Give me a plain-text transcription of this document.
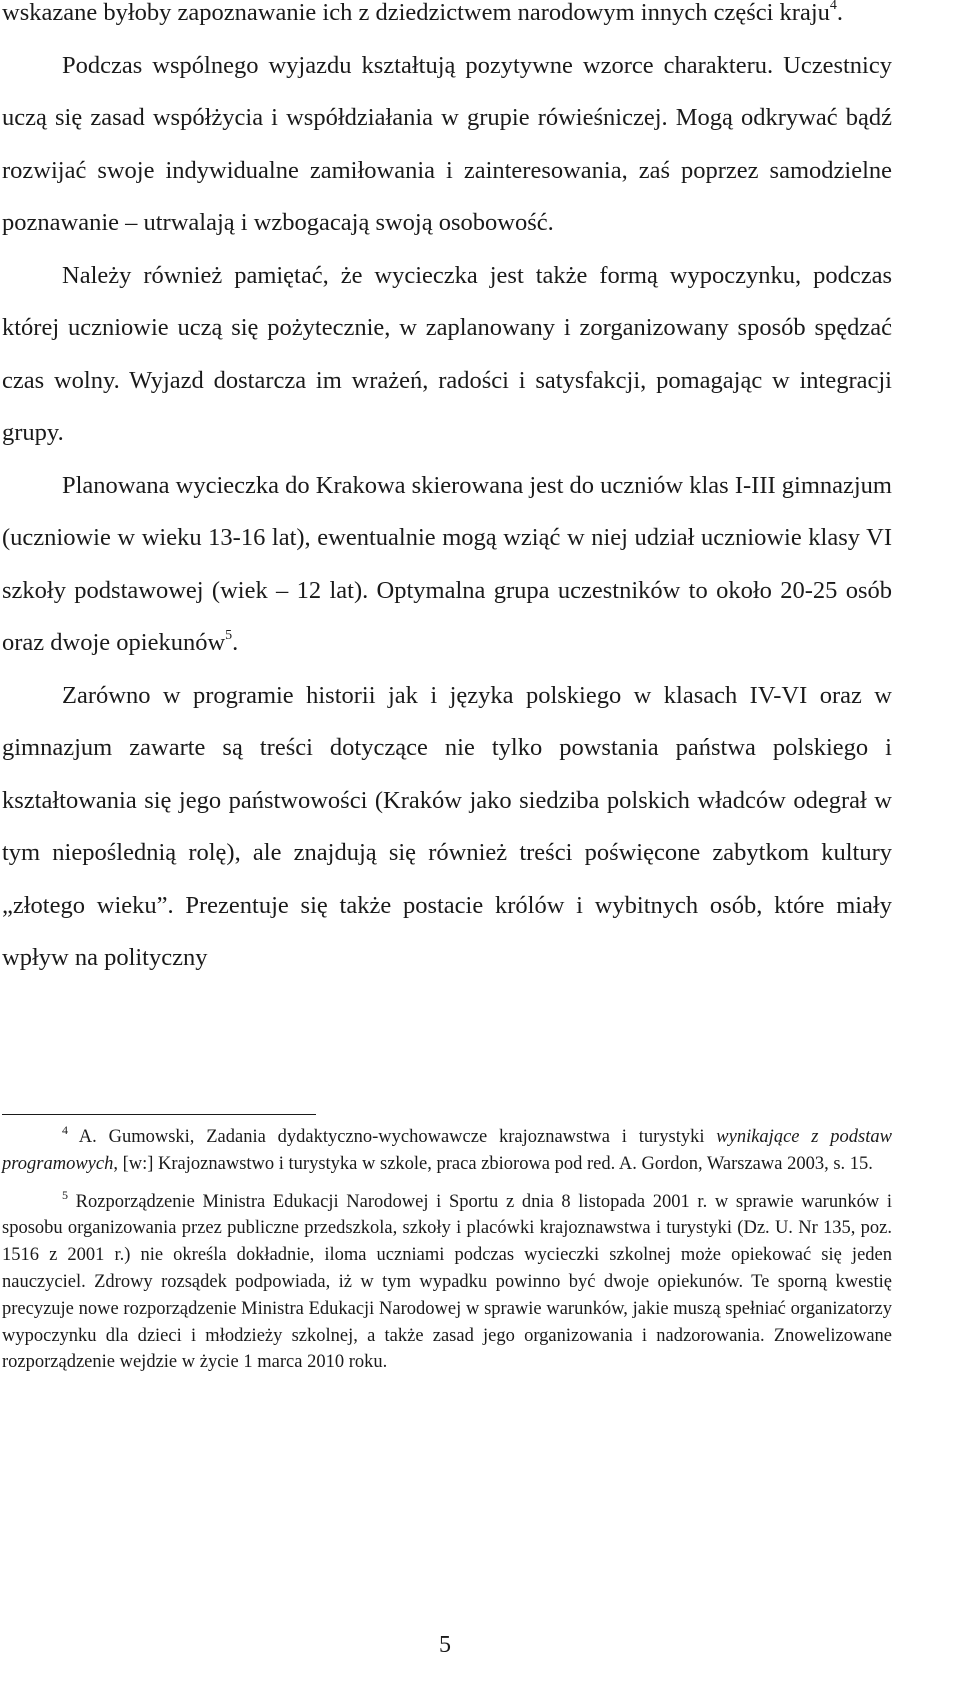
wskazane byłoby zapoznawanie ich z dziedzictwem narodowym innych części kraju$^4$.

Podczas wspólnego wyjazdu kształtują pozytywne wzorce charakteru. Uczestnicy uczą się zasad współżycia i współdziałania w grupie rówieśniczej. Mogą odkrywać bądź rozwijać swoje indywidualne zamiłowania i zainteresowania, zaś poprzez samodzielne poznawanie – utrwalają i wzbogacają swoją osobowość.

Należy również pamiętać, że wycieczka jest także formą wypoczynku, podczas której uczniowie uczą się pożytecznie, w zaplanowany i zorganizowany sposób spędzać czas wolny. Wyjazd dostarcza im wrażeń, radości i satysfakcji, pomagając w integracji grupy.

Planowana wycieczka do Krakowa skierowana jest do uczniów klas I-III gimnazjum (uczniowie w wieku 13-16 lat), ewentualnie mogą wziąć w niej udział uczniowie klasy VI szkoły podstawowej (wiek – 12 lat). Optymalna grupa uczestników to około 20-25 osób oraz dwoje opiekunów$^5$.

Zarówno w programie historii jak i języka polskiego w klasach IV-VI oraz w gimnazjum zawarte są treści dotyczące nie tylko powstania państwa polskiego i kształtowania się jego państwowości (Kraków jako siedziba polskich władców odegrał w tym niepoślednią rolę), ale znajdują się również treści poświęcone zabytkom kultury „złotego wieku”. Prezentuje się także postacie królów i wybitnych osób, które miały wpływ na polityczny

$^4$ A. Gumowski, Zadania dydaktyczno-wychowawcze krajoznawstwa i turystyki wynikające z podstaw programowych, [w:] Krajoznawstwo i turystyka w szkole, praca zbiorowa pod red. A. Gordon, Warszawa 2003, s. 15.

$^5$ Rozporządzenie Ministra Edukacji Narodowej i Sportu z dnia 8 listopada 2001 r. w sprawie warunków i sposobu organizowania przez publiczne przedszkola, szkoły i placówki krajoznawstwa i turystyki (Dz. U. Nr 135, poz. 1516 z 2001 r.) nie określa dokładnie, iloma uczniami podczas wycieczki szkolnej może opiekować się jeden nauczyciel. Zdrowy rozsądek podpowiada, iż w tym wypadku powinno być dwoje opiekunów. Te sporną kwestię precyzuje nowe rozporządzenie Ministra Edukacji Narodowej w sprawie warunków, jakie muszą spełniać organizatorzy wypoczynku dla dzieci i młodzieży szkolnej, a także zasad jego organizowania i nadzorowania. Znowelizowane rozporządzenie wejdzie w życie 1 marca 2010 roku.

5
